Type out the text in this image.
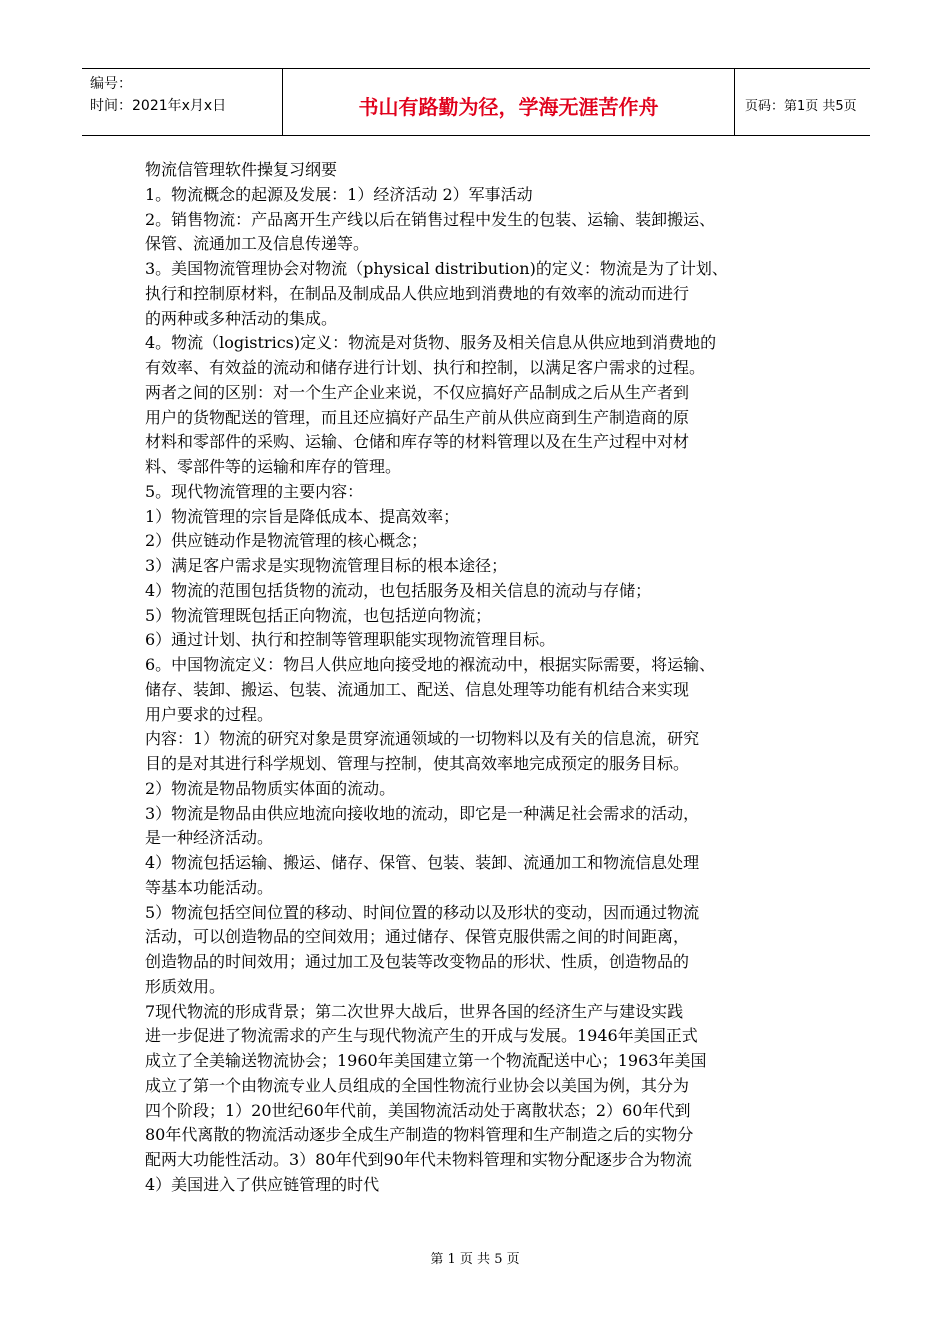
编号：
时间：2021年x月x日	书山有路勤为径，学海无涯苦作舟	页码：第1页 共5页
物流信管理软件操复习纲要
1。物流概念的起源及发展：1）经济活动 2）军事活动
2。销售物流：产品离开生产线以后在销售过程中发生的包装、运输、装卸搬运、
保管、流通加工及信息传递等。
3。美国物流管理协会对物流（physical distribution)的定义：物流是为了计划、
执行和控制原材料，在制品及制成品人供应地到消费地的有效率的流动而进行
的两种或多种活动的集成。
4。物流（logistrics)定义：物流是对货物、服务及相关信息从供应地到消费地的
有效率、有效益的流动和储存进行计划、执行和控制，以满足客户需求的过程。
两者之间的区别：对一个生产企业来说，不仅应搞好产品制成之后从生产者到
用户的货物配送的管理，而且还应搞好产品生产前从供应商到生产制造商的原
材料和零部件的采购、运输、仓储和库存等的材料管理以及在生产过程中对材
料、零部件等的运输和库存的管理。
5。现代物流管理的主要内容：
1）物流管理的宗旨是降低成本、提高效率；
2）供应链动作是物流管理的核心概念；
3）满足客户需求是实现物流管理目标的根本途径；
4）物流的范围包括货物的流动，也包括服务及相关信息的流动与存储；
5）物流管理既包括正向物流，也包括逆向物流；
6）通过计划、执行和控制等管理职能实现物流管理目标。
6。中国物流定义：物吕人供应地向接受地的褓流动中，根据实际需要，将运输、
储存、装卸、搬运、包装、流通加工、配送、信息处理等功能有机结合来实现
用户要求的过程。
内容：1）物流的研究对象是贯穿流通领域的一切物料以及有关的信息流，研究
目的是对其进行科学规划、管理与控制，使其高效率地完成预定的服务目标。
2）物流是物品物质实体面的流动。
3）物流是物品由供应地流向接收地的流动，即它是一种满足社会需求的活动，
是一种经济活动。
4）物流包括运输、搬运、储存、保管、包装、装卸、流通加工和物流信息处理
等基本功能活动。
5）物流包括空间位置的移动、时间位置的移动以及形状的变动，因而通过物流
活动，可以创造物品的空间效用；通过储存、保管克服供需之间的时间距离，
创造物品的时间效用；通过加工及包装等改变物品的形状、性质，创造物品的
形质效用。
7现代物流的形成背景；第二次世界大战后，世界各国的经济生产与建设实践
进一步促进了物流需求的产生与现代物流产生的开成与发展。1946年美国正式
成立了全美输送物流协会；1960年美国建立第一个物流配送中心；1963年美国
成立了第一个由物流专业人员组成的全国性物流行业协会以美国为例，其分为
四个阶段；1）20世纪60年代前，美国物流活动处于离散状态；2）60年代到
80年代离散的物流活动逐步全成生产制造的物料管理和生产制造之后的实物分
配两大功能性活动。3）80年代到90年代未物料管理和实物分配逐步合为物流
4）美国进入了供应链管理的时代
第 1 页 共 5 页
